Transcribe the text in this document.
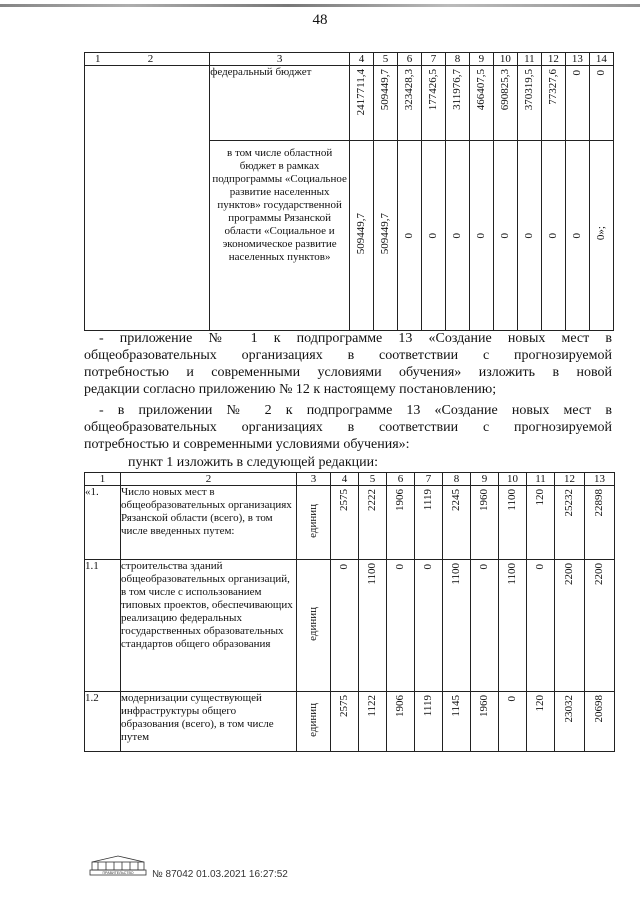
48
1 2	3	4	5	6	7	8	9	10	11	12	13	14
	федеральный бюджет	2417711,4	509449,7	323428,3	177426,5	311976,7	466407,5	690825,3	370319,5	77327,6	0	0
	в том числе областной бюджет в рамках подпрограммы «Социальное развитие населенных пунктов» государственной программы Рязанской области «Социальное и экономическое развитие населенных пунктов»	509449,7	509449,7	0	0	0	0	0	0	0	0	0»;
- приложение № 1 к подпрограмме 13 «Создание новых мест в
общеобразовательных организациях в соответствии с прогнозируемой
потребностью и современными условиями обучения» изложить в новой
редакции согласно приложению № 12 к настоящему постановлению;
- в приложении № 2 к подпрограмме 13 «Создание новых мест в
общеобразовательных организациях в соответствии с прогнозируемой
потребностью и современными условиями обучения»:
пункт 1 изложить в следующей редакции:
1	2	3	4	5	6	7	8	9	10	11	12	13
«1.	Число новых мест в общеобразовательных организациях Рязанской области (всего), в том числе введенных путем:	единиц	2575	2222	1906	1119	2245	1960	1100	120	25232	22898
1.1	строительства зданий общеобразовательных организаций, в том числе с использованием типовых проектов, обеспечивающих реализацию федеральных государственных образовательных стандартов общего образования	единиц	0	1100	0	0	1100	0	1100	0	2200	2200
1.2	модернизации существующей инфраструктуры общего образования (всего), в том числе путем	единиц	2575	1122	1906	1119	1145	1960	0	120	23032	20698
ПРАВИТЕЛЬСТВО № 87042 01.03.2021 16:27:52
